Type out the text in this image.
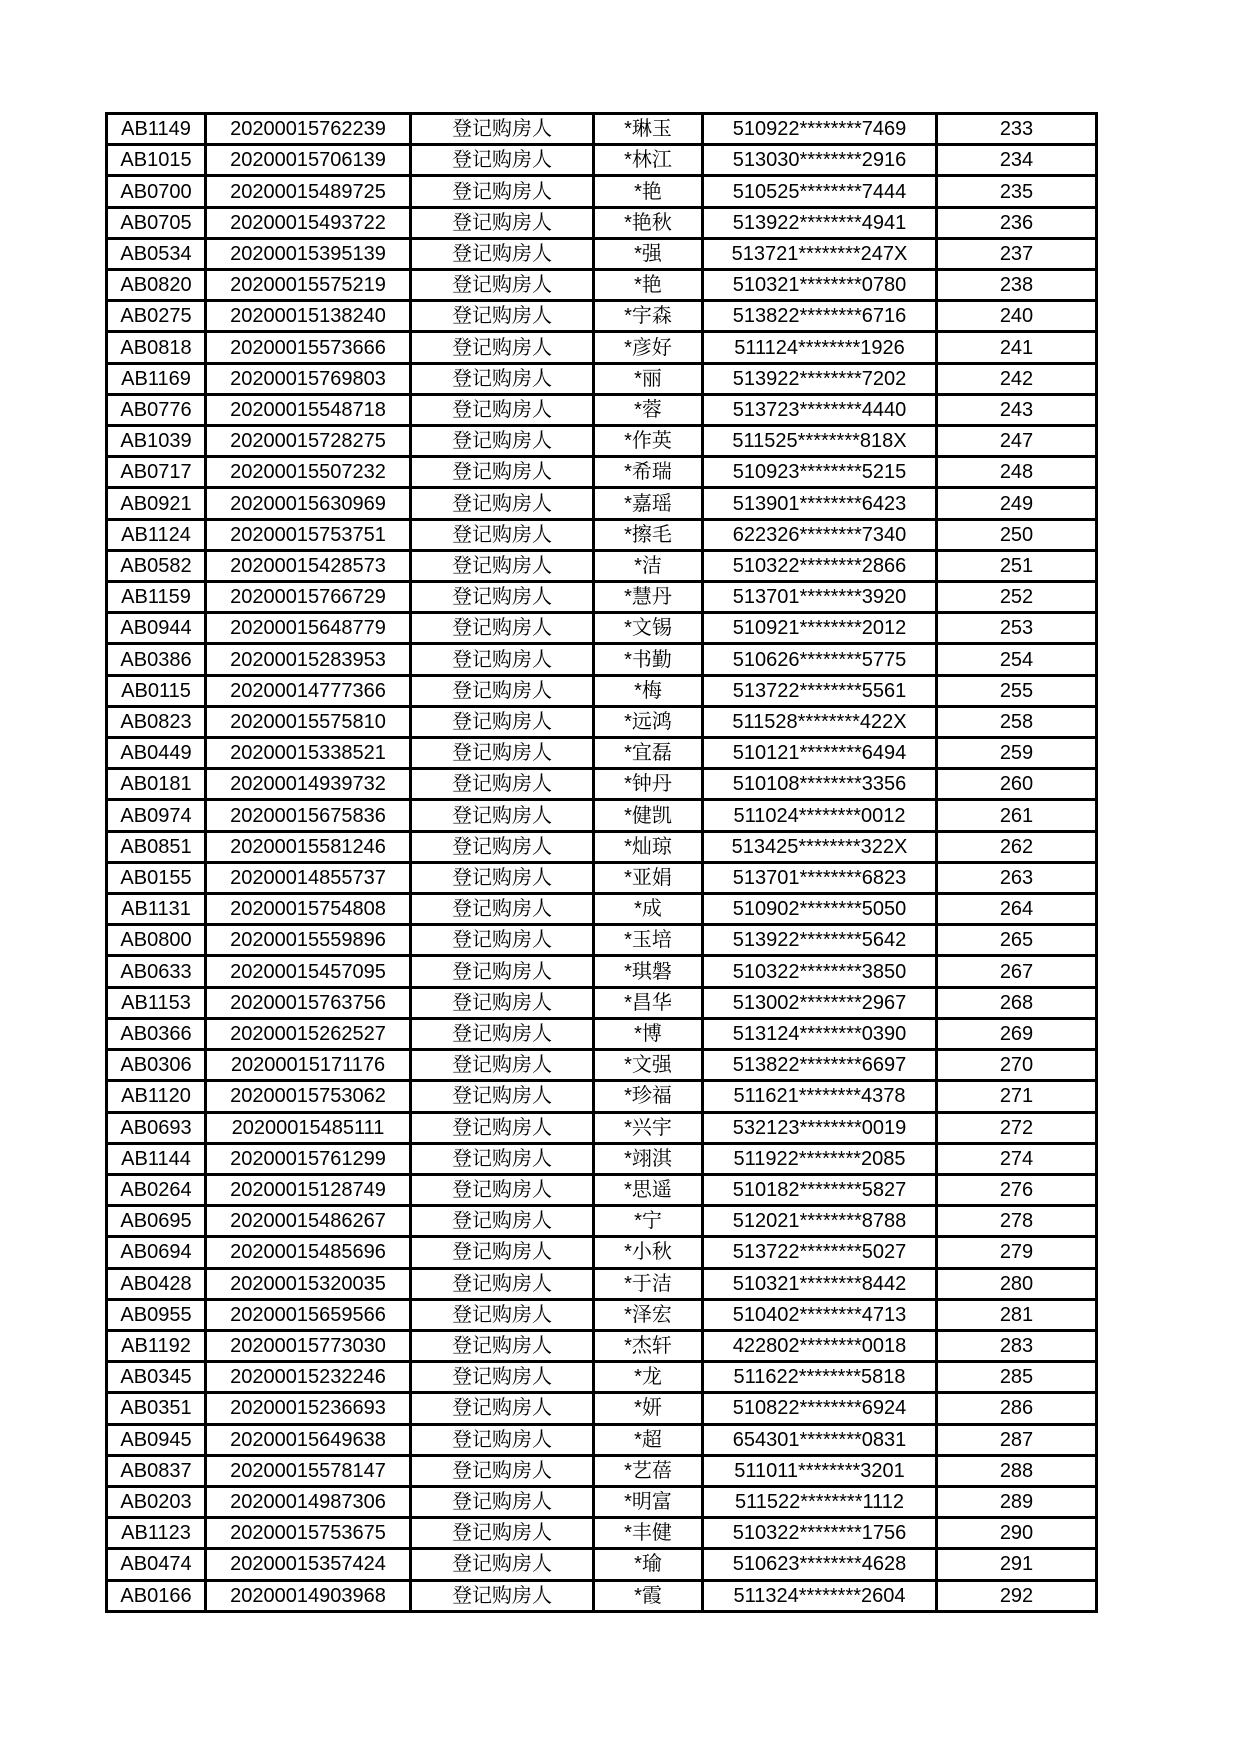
AB1149	20200015762239	登记购房人	*琳玉	510922********7469	233
AB1015	20200015706139	登记购房人	*林江	513030********2916	234
AB0700	20200015489725	登记购房人	*艳	510525********7444	235
AB0705	20200015493722	登记购房人	*艳秋	513922********4941	236
AB0534	20200015395139	登记购房人	*强	513721********247X	237
AB0820	20200015575219	登记购房人	*艳	510321********0780	238
AB0275	20200015138240	登记购房人	*宇森	513822********6716	240
AB0818	20200015573666	登记购房人	*彦好	511124********1926	241
AB1169	20200015769803	登记购房人	*丽	513922********7202	242
AB0776	20200015548718	登记购房人	*蓉	513723********4440	243
AB1039	20200015728275	登记购房人	*作英	511525********818X	247
AB0717	20200015507232	登记购房人	*希瑞	510923********5215	248
AB0921	20200015630969	登记购房人	*嘉瑶	513901********6423	249
AB1124	20200015753751	登记购房人	*擦毛	622326********7340	250
AB0582	20200015428573	登记购房人	*洁	510322********2866	251
AB1159	20200015766729	登记购房人	*慧丹	513701********3920	252
AB0944	20200015648779	登记购房人	*文锡	510921********2012	253
AB0386	20200015283953	登记购房人	*书勤	510626********5775	254
AB0115	20200014777366	登记购房人	*梅	513722********5561	255
AB0823	20200015575810	登记购房人	*远鸿	511528********422X	258
AB0449	20200015338521	登记购房人	*宜磊	510121********6494	259
AB0181	20200014939732	登记购房人	*钟丹	510108********3356	260
AB0974	20200015675836	登记购房人	*健凯	511024********0012	261
AB0851	20200015581246	登记购房人	*灿琼	513425********322X	262
AB0155	20200014855737	登记购房人	*亚娟	513701********6823	263
AB1131	20200015754808	登记购房人	*成	510902********5050	264
AB0800	20200015559896	登记购房人	*玉培	513922********5642	265
AB0633	20200015457095	登记购房人	*琪磐	510322********3850	267
AB1153	20200015763756	登记购房人	*昌华	513002********2967	268
AB0366	20200015262527	登记购房人	*博	513124********0390	269
AB0306	20200015171176	登记购房人	*文强	513822********6697	270
AB1120	20200015753062	登记购房人	*珍福	511621********4378	271
AB0693	20200015485111	登记购房人	*兴宇	532123********0019	272
AB1144	20200015761299	登记购房人	*翊淇	511922********2085	274
AB0264	20200015128749	登记购房人	*思遥	510182********5827	276
AB0695	20200015486267	登记购房人	*宁	512021********8788	278
AB0694	20200015485696	登记购房人	*小秋	513722********5027	279
AB0428	20200015320035	登记购房人	*于洁	510321********8442	280
AB0955	20200015659566	登记购房人	*泽宏	510402********4713	281
AB1192	20200015773030	登记购房人	*杰轩	422802********0018	283
AB0345	20200015232246	登记购房人	*龙	511622********5818	285
AB0351	20200015236693	登记购房人	*妍	510822********6924	286
AB0945	20200015649638	登记购房人	*超	654301********0831	287
AB0837	20200015578147	登记购房人	*艺蓓	511011********3201	288
AB0203	20200014987306	登记购房人	*明富	511522********1112	289
AB1123	20200015753675	登记购房人	*丰健	510322********1756	290
AB0474	20200015357424	登记购房人	*瑜	510623********4628	291
AB0166	20200014903968	登记购房人	*霞	511324********2604	292
